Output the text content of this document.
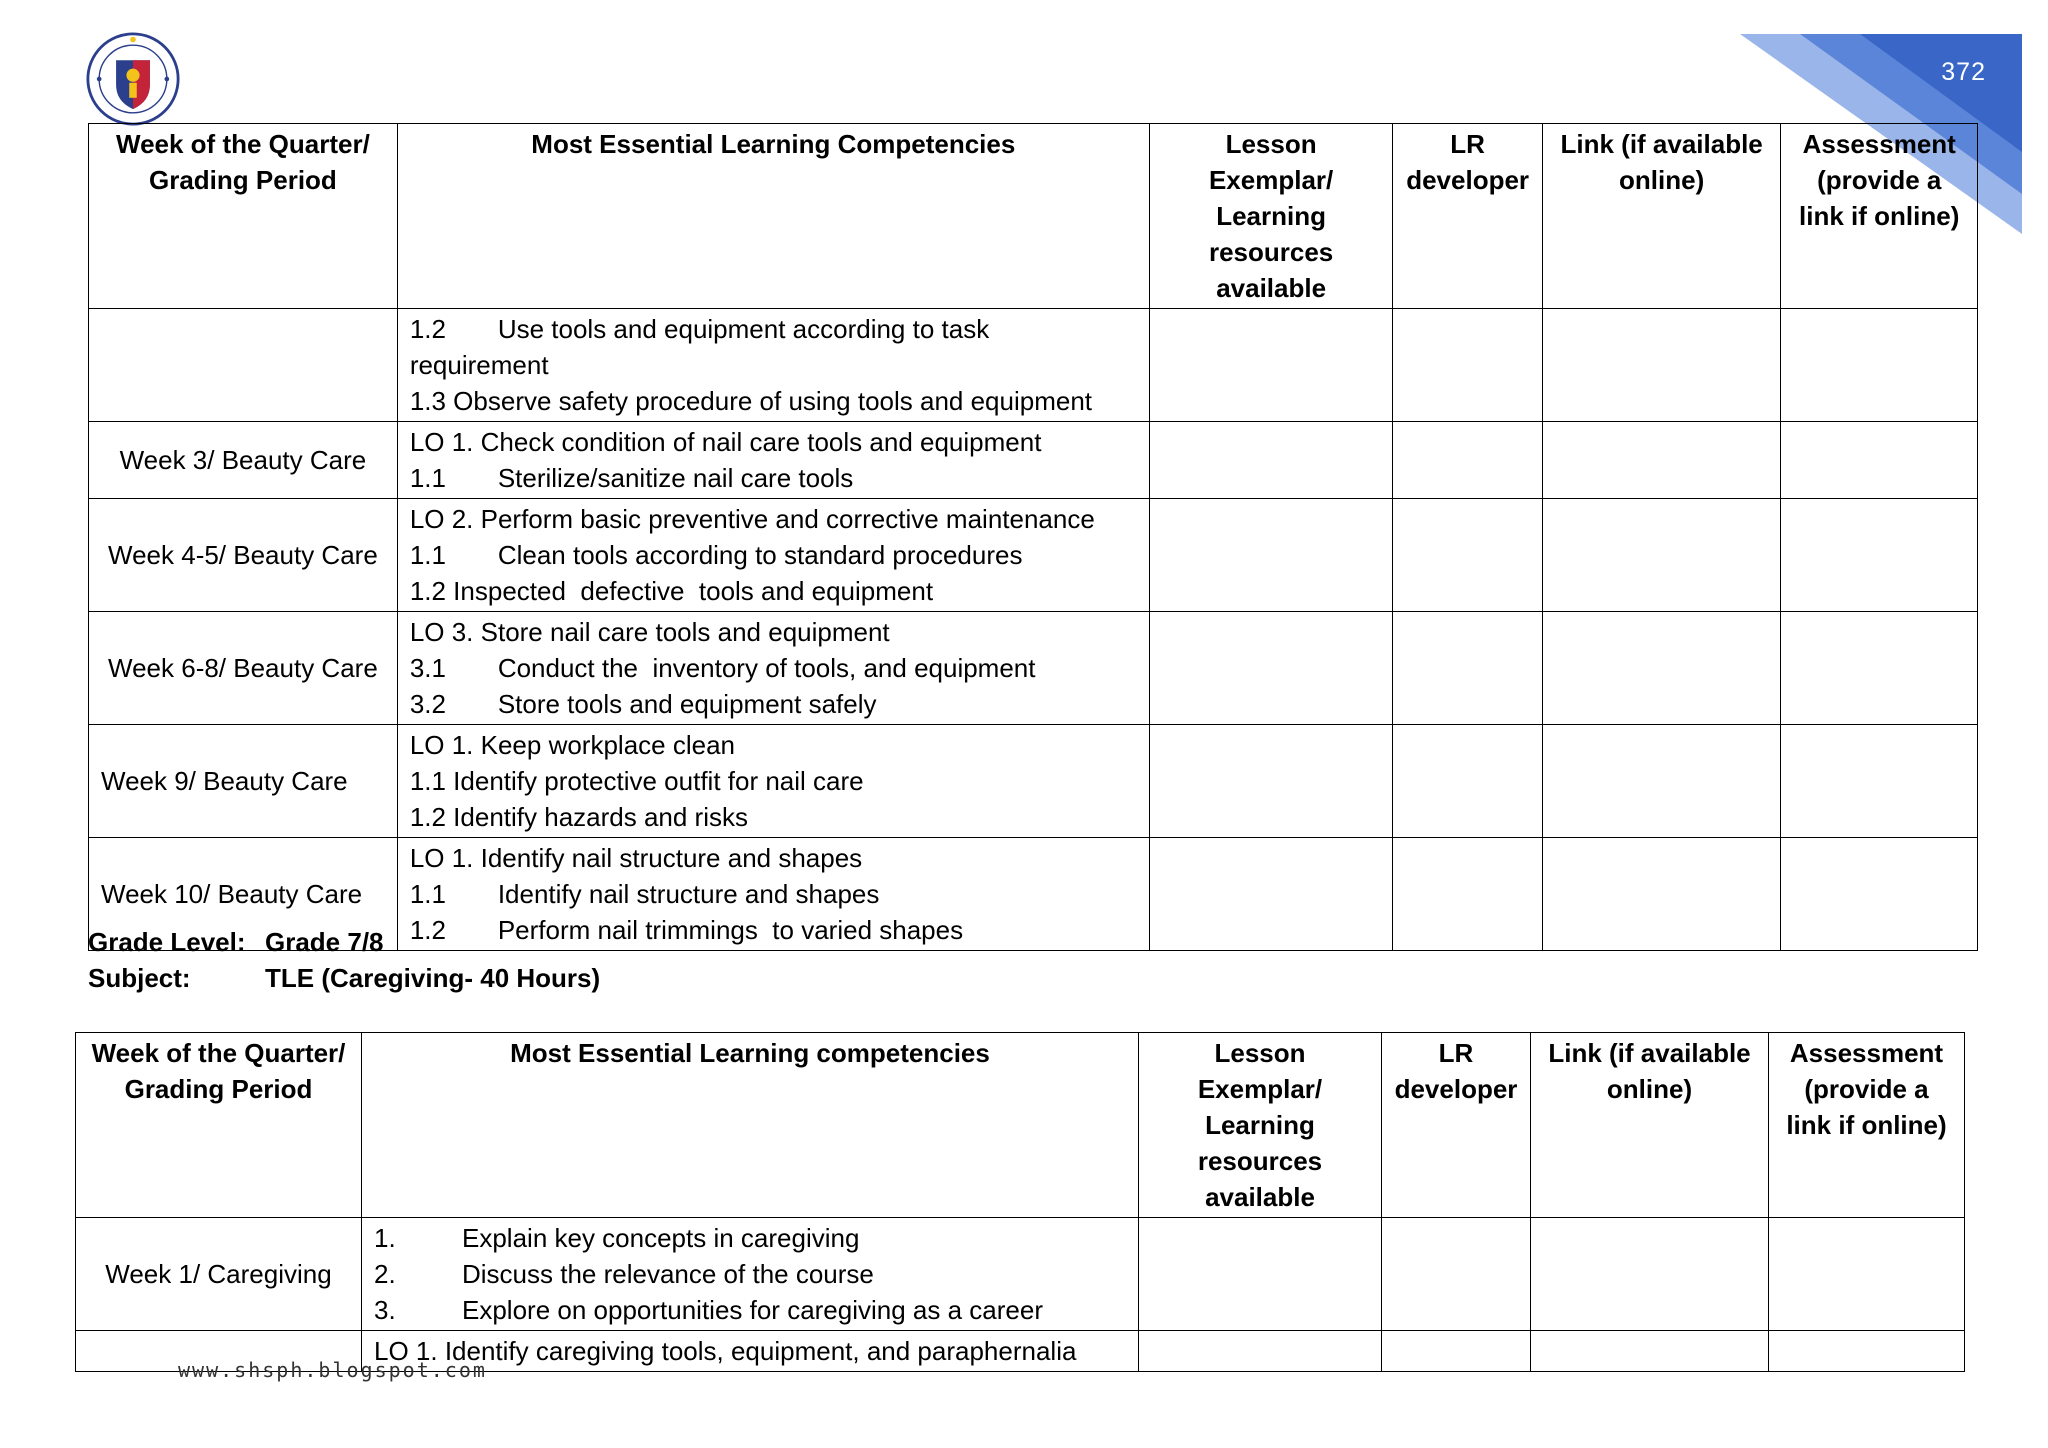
372
Week of the Quarter/ Grading Period	Most Essential Learning Competencies	Lesson Exemplar/ Learning resources available	LR developer	Link (if available online)	Assessment (provide a link if online)

	1.2 Use tools and equipment according to task
requirement
1.3 Observe safety procedure of using tools and equipment				

Week 3/ Beauty Care	LO 1. Check condition of nail care tools and equipment
1.1 Sterilize/sanitize nail care tools				

Week 4-5/ Beauty Care	LO 2. Perform basic preventive and corrective maintenance
1.1 Clean tools according to standard procedures
1.2 Inspected  defective  tools and equipment				

Week 6-8/ Beauty Care	LO 3. Store nail care tools and equipment
3.1 Conduct the  inventory of tools, and equipment
3.2 Store tools and equipment safely				

Week 9/ Beauty Care	LO 1. Keep workplace clean
1.1 Identify protective outfit for nail care
1.2 Identify hazards and risks				

Week 10/ Beauty Care	LO 1. Identify nail structure and shapes
1.1 Identify nail structure and shapes
1.2 Perform nail trimmings  to varied shapes				

Grade Level: Grade 7/8
Subject:	TLE (Caregiving- 40 Hours)
Week of the Quarter/ Grading Period	Most Essential Learning competencies	Lesson Exemplar/ Learning resources available	LR developer	Link (if available online)	Assessment (provide a link if online)
Week 1/ Caregiving	1. Explain key concepts in caregiving
2. Discuss the relevance of the course
3. Explore on opportunities for caregiving as a career				

	LO 1. Identify caregiving tools, equipment, and paraphernalia				

www.shsph.blogspot.com
